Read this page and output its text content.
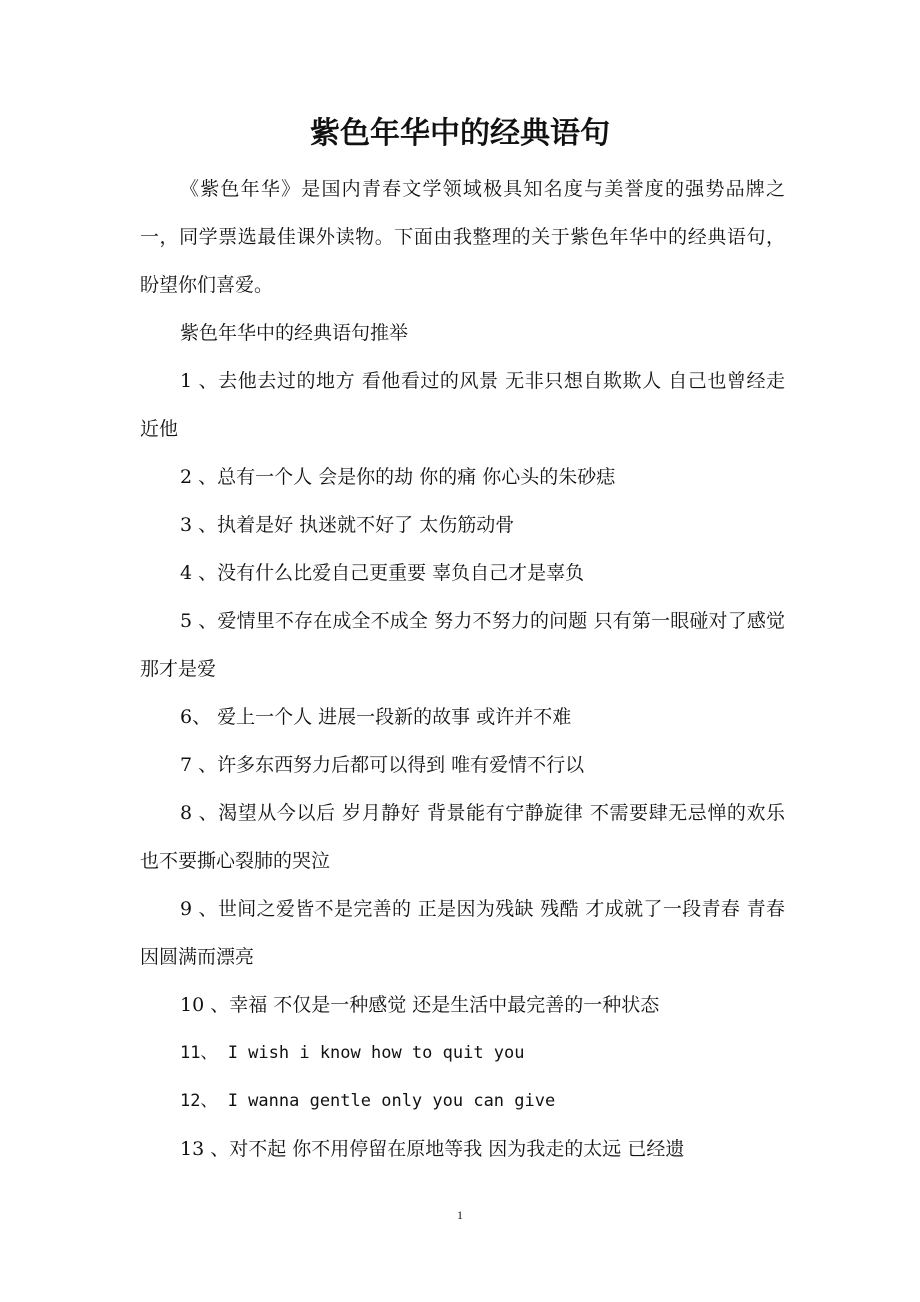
紫色年华中的经典语句

《紫色年华》是国内青春文学领域极具知名度与美誉度的强势品牌之一，同学票选最佳课外读物。下面由我整理的关于紫色年华中的经典语句，盼望你们喜爱。

紫色年华中的经典语句推举

1 、去他去过的地方 看他看过的风景 无非只想自欺欺人 自己也曾经走近他

2 、总有一个人 会是你的劫 你的痛 你心头的朱砂痣

3 、执着是好 执迷就不好了 太伤筋动骨

4 、没有什么比爱自己更重要 辜负自己才是辜负

5 、爱情里不存在成全不成全 努力不努力的问题 只有第一眼碰对了感觉 那才是爱

6、 爱上一个人 进展一段新的故事 或许并不难

7 、许多东西努力后都可以得到 唯有爱情不行以

8 、渴望从今以后 岁月静好 背景能有宁静旋律 不需要肆无忌惮的欢乐 也不要撕心裂肺的哭泣

9 、世间之爱皆不是完善的 正是因为残缺 残酷 才成就了一段青春 青春 因圆满而漂亮

10 、幸福 不仅是一种感觉 还是生活中最完善的一种状态

11、 I wish i know how to quit you

12、 I wanna gentle only you can give

13 、对不起 你不用停留在原地等我 因为我走的太远 已经遗

1
